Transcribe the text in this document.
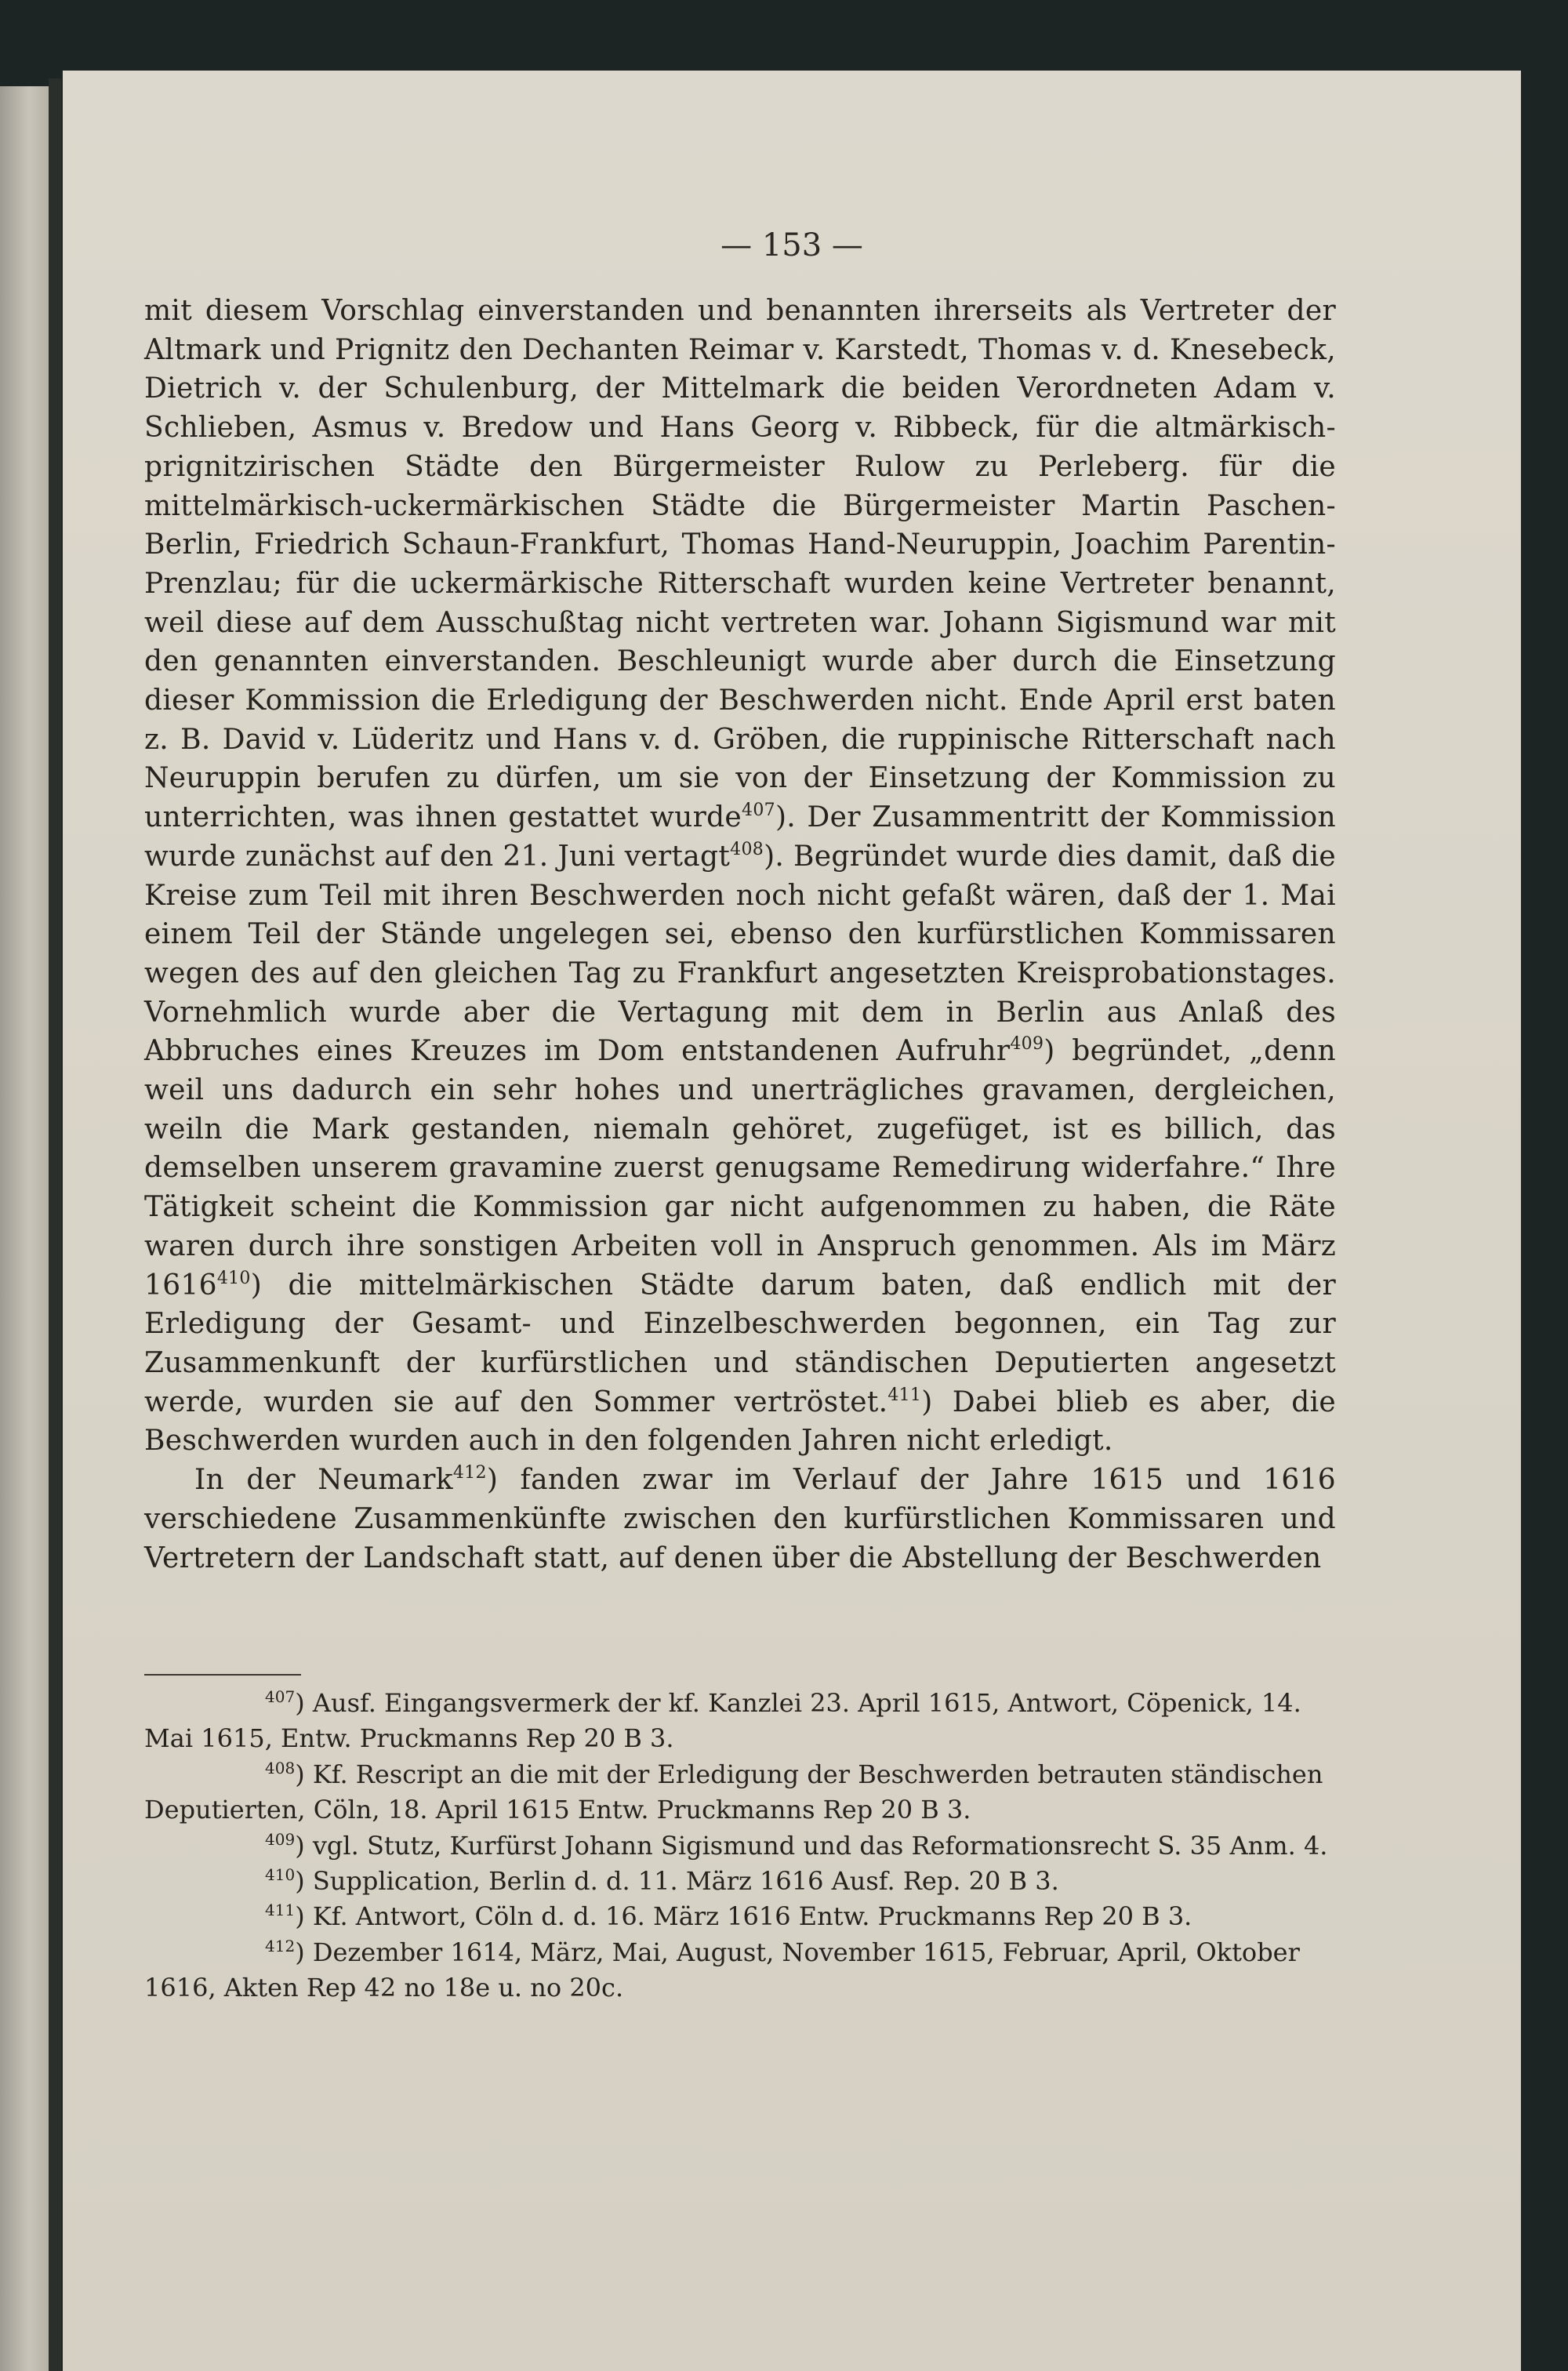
— 153 —

mit diesem Vorschlag einverstanden und benannten ihrerseits als Vertreter der Altmark und Prignitz den Dechanten Reimar v. Karstedt, Thomas v. d. Knesebeck, Dietrich v. der Schulenburg, der Mittelmark die beiden Verordneten Adam v. Schlieben, Asmus v. Bredow und Hans Georg v. Ribbeck, für die altmärkisch-prignitzirischen Städte den Bürgermeister Rulow zu Perleberg. für die mittelmärkisch-uckermärkischen Städte die Bürgermeister Martin Paschen-Berlin, Friedrich Schaun-Frankfurt, Thomas Hand-Neuruppin, Joachim Parentin-Prenzlau; für die uckermärkische Ritterschaft wurden keine Vertreter benannt, weil diese auf dem Ausschußtag nicht vertreten war. Johann Sigismund war mit den genannten einverstanden. Beschleunigt wurde aber durch die Einsetzung dieser Kommission die Erledigung der Beschwerden nicht. Ende April erst baten z. B. David v. Lüderitz und Hans v. d. Gröben, die ruppinische Ritterschaft nach Neuruppin berufen zu dürfen, um sie von der Einsetzung der Kommission zu unterrichten, was ihnen gestattet wurde$^{407}$). Der Zusammentritt der Kommission wurde zunächst auf den 21. Juni vertagt$^{408}$). Begründet wurde dies damit, daß die Kreise zum Teil mit ihren Beschwerden noch nicht gefaßt wären, daß der 1. Mai einem Teil der Stände ungelegen sei, ebenso den kurfürstlichen Kommissaren wegen des auf den gleichen Tag zu Frankfurt angesetzten Kreisprobationstages. Vornehmlich wurde aber die Vertagung mit dem in Berlin aus Anlaß des Abbruches eines Kreuzes im Dom entstandenen Aufruhr$^{409}$) begründet, „denn weil uns dadurch ein sehr hohes und unerträgliches gravamen, dergleichen, weiln die Mark gestanden, niemaln gehöret, zugefüget, ist es billich, das demselben unserem gravamine zuerst genugsame Remedirung widerfahre.“ Ihre Tätigkeit scheint die Kommission gar nicht aufgenommen zu haben, die Räte waren durch ihre sonstigen Arbeiten voll in Anspruch genommen. Als im März 1616$^{410}$) die mittelmärkischen Städte darum baten, daß endlich mit der Erledigung der Gesamt- und Einzelbeschwerden begonnen, ein Tag zur Zusammenkunft der kurfürstlichen und ständischen Deputierten angesetzt werde, wurden sie auf den Sommer vertröstet.$^{411}$) Dabei blieb es aber, die Beschwerden wurden auch in den folgenden Jahren nicht erledigt.

In der Neumark$^{412}$) fanden zwar im Verlauf der Jahre 1615 und 1616 verschiedene Zusammenkünfte zwischen den kurfürstlichen Kommissaren und Vertretern der Landschaft statt, auf denen über die Abstellung der Beschwerden

$^{407}$) Ausf. Eingangsvermerk der kf. Kanzlei 23. April 1615, Antwort, Cöpenick, 14. Mai 1615, Entw. Pruckmanns Rep 20 B 3.

$^{408}$) Kf. Rescript an die mit der Erledigung der Beschwerden betrauten ständischen Deputierten, Cöln, 18. April 1615 Entw. Pruckmanns Rep 20 B 3.

$^{409}$) vgl. Stutz, Kurfürst Johann Sigismund und das Reformationsrecht S. 35 Anm. 4.

$^{410}$) Supplication, Berlin d. d. 11. März 1616 Ausf. Rep. 20 B 3.

$^{411}$) Kf. Antwort, Cöln d. d. 16. März 1616 Entw. Pruckmanns Rep 20 B 3.

$^{412}$) Dezember 1614, März, Mai, August, November 1615, Februar, April, Oktober 1616, Akten Rep 42 no 18e u. no 20c.
